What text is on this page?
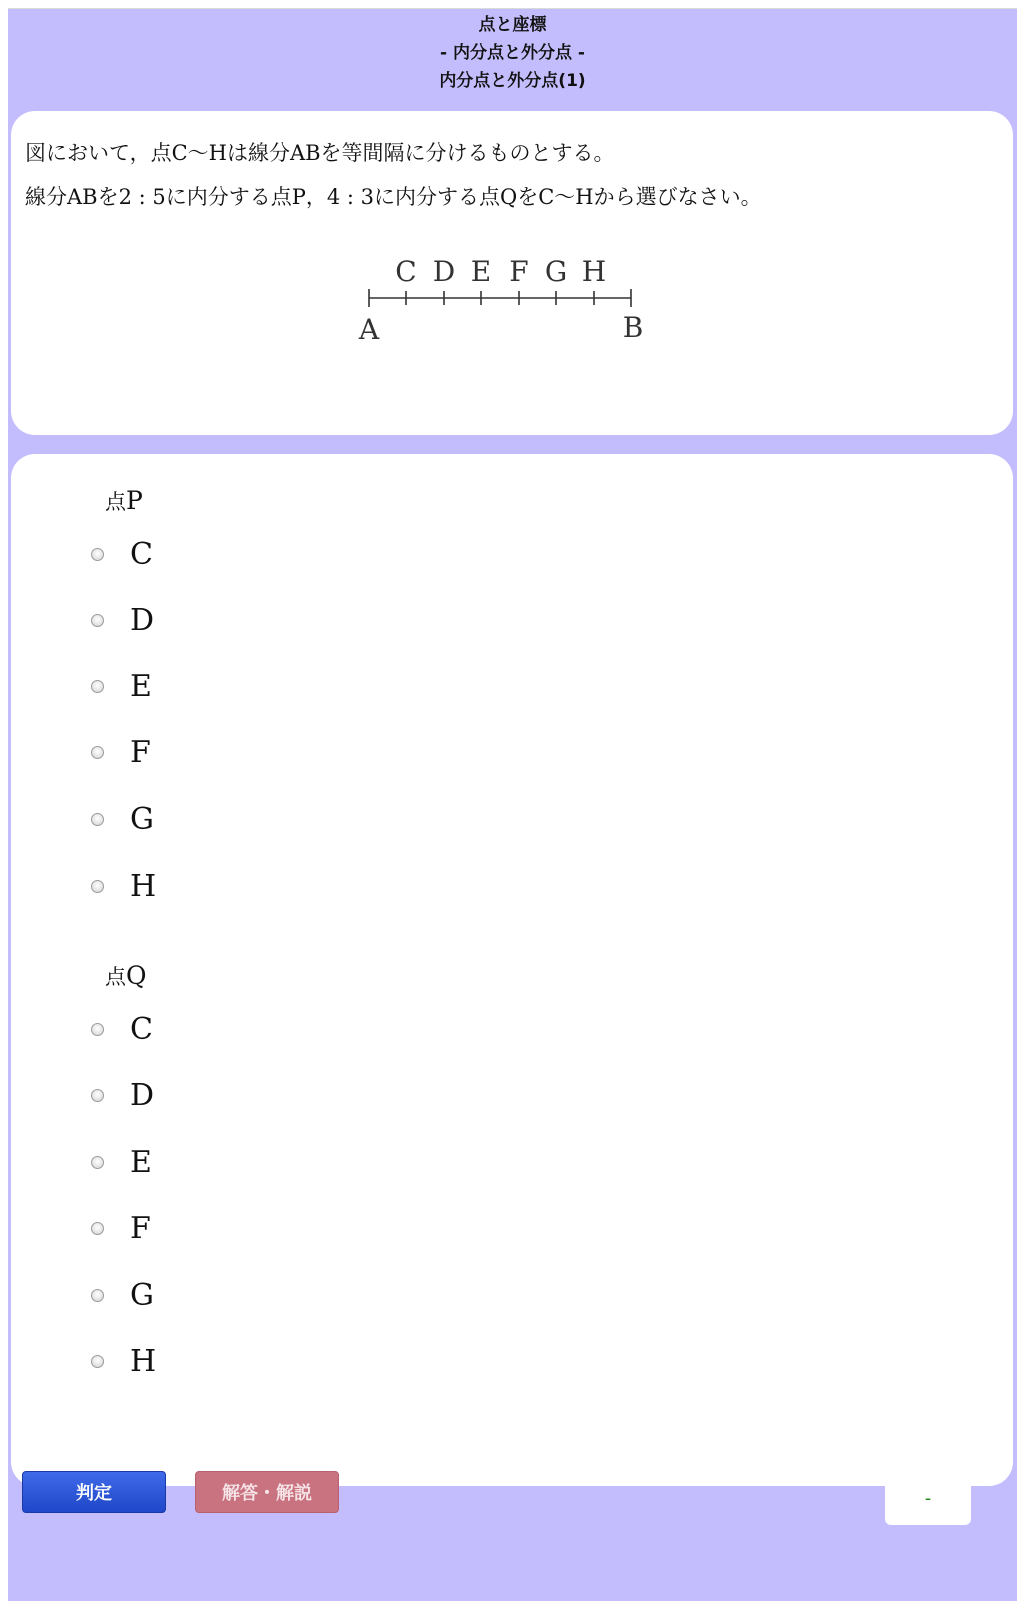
点と座標
- 内分点と外分点 -
内分点と外分点(1)
図において，点C～Hは線分ABを等間隔に分けるものとする。
線分ABを2 : 5に内分する点P，4 : 3に内分する点QをC～Hから選びなさい。
C D E F G H
A	B
点P
C
D
E
F
G
H
点Q
C
D
E
F
G
H
判定	解答・解説	-
